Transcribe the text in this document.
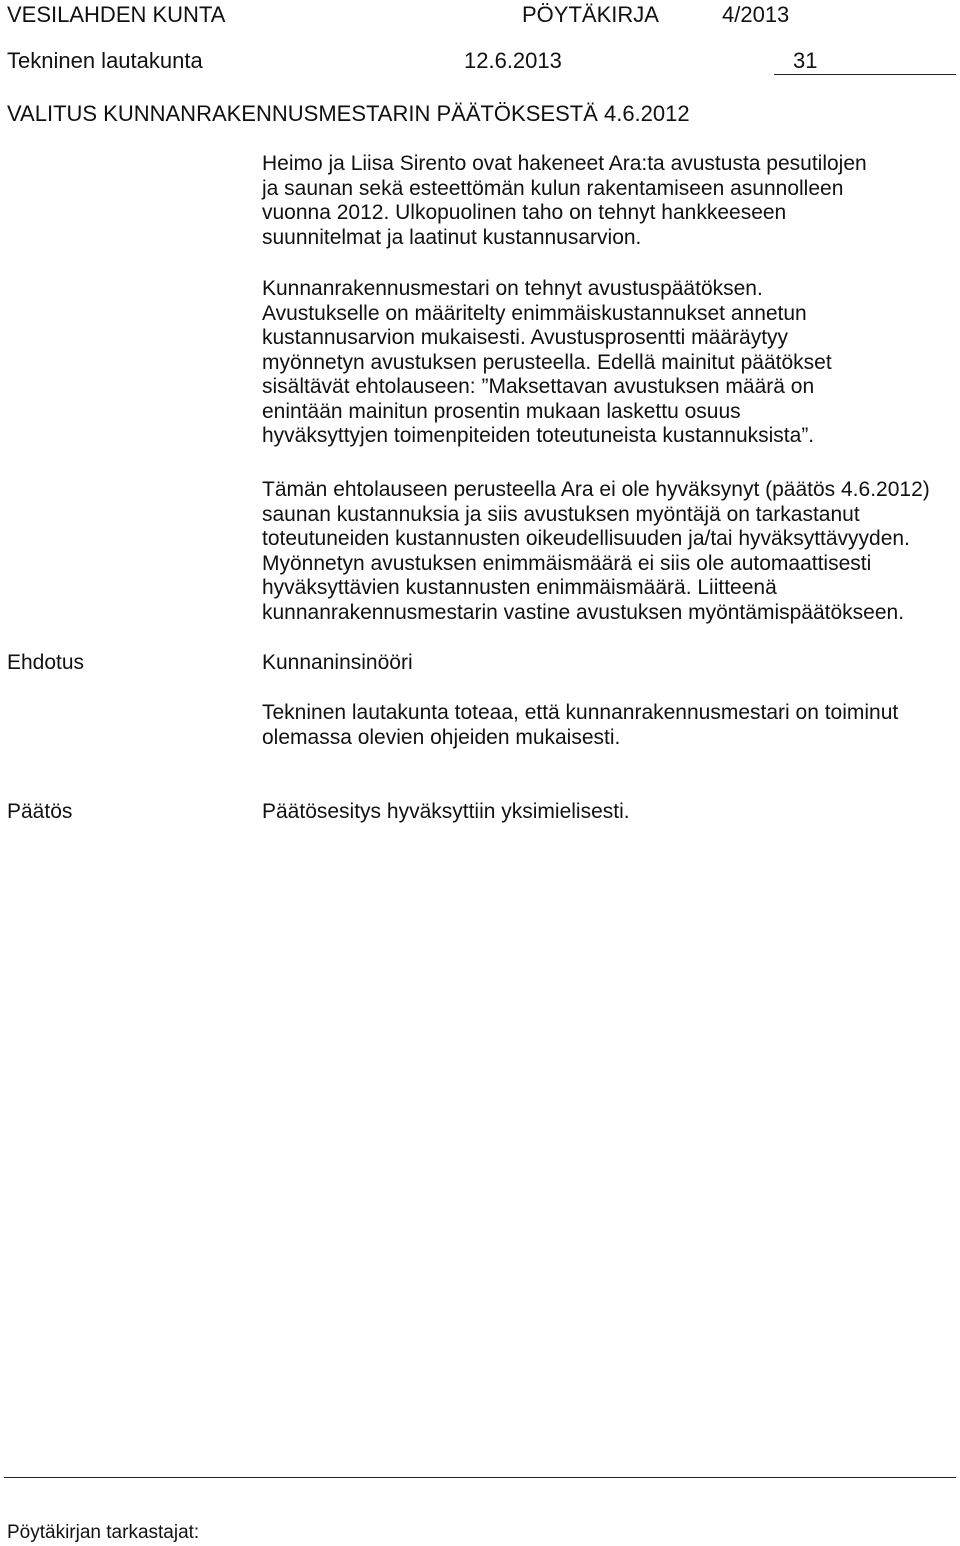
VESILAHDEN KUNTA	PÖYTÄKIRJA	4/2013
Tekninen lautakunta	12.6.2013	31
VALITUS KUNNANRAKENNUSMESTARIN PÄÄTÖKSESTÄ 4.6.2012
Heimo ja Liisa Sirento ovat hakeneet Ara:ta avustusta pesutilojen
ja saunan sekä esteettömän kulun rakentamiseen asunnolleen
vuonna 2012. Ulkopuolinen taho on tehnyt hankkeeseen
suunnitelmat ja laatinut kustannusarvion.
Kunnanrakennusmestari on tehnyt avustuspäätöksen.
Avustukselle on määritelty enimmäiskustannukset annetun
kustannusarvion mukaisesti. Avustusprosentti määräytyy
myönnetyn avustuksen perusteella. Edellä mainitut päätökset
sisältävät ehtolauseen: ”Maksettavan avustuksen määrä on
enintään mainitun prosentin mukaan laskettu osuus
hyväksyttyjen toimenpiteiden toteutuneista kustannuksista”.
Tämän ehtolauseen perusteella Ara ei ole hyväksynyt (päätös 4.6.2012)
saunan kustannuksia ja siis avustuksen myöntäjä on tarkastanut
toteutuneiden kustannusten oikeudellisuuden ja/tai hyväksyttävyyden.
Myönnetyn avustuksen enimmäismäärä ei siis ole automaattisesti
hyväksyttävien kustannusten enimmäismäärä. Liitteenä
kunnanrakennusmestarin vastine avustuksen myöntämispäätökseen.
Ehdotus	Kunnaninsinööri
Tekninen lautakunta toteaa, että kunnanrakennusmestari on toiminut
olemassa olevien ohjeiden mukaisesti.
Päätös	Päätösesitys hyväksyttiin yksimielisesti.
Pöytäkirjan tarkastajat:
